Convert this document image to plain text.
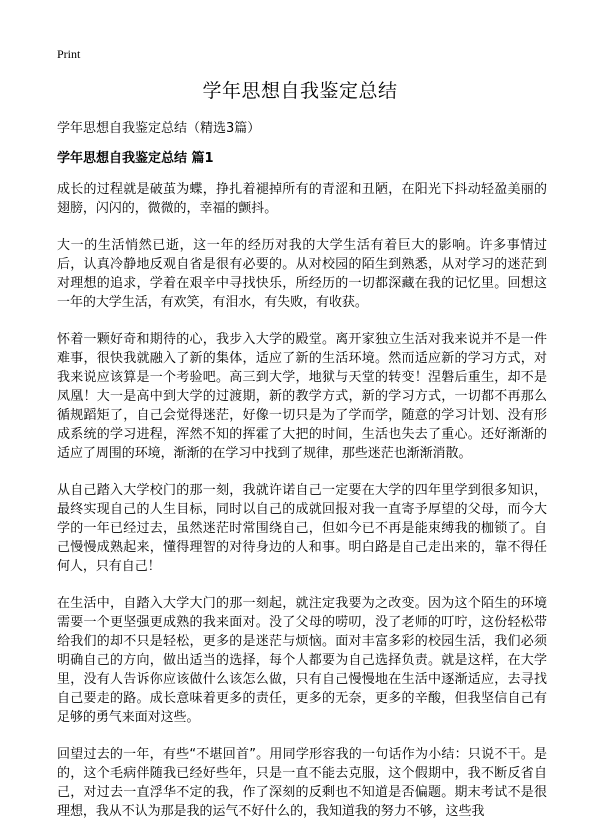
Print
学年思想自我鉴定总结

学年思想自我鉴定总结（精选3篇）

学年思想自我鉴定总结 篇1

成长的过程就是破茧为蝶，挣扎着褪掉所有的青涩和丑陋，在阳光下抖动轻盈美丽的翅膀，闪闪的，微微的，幸福的颤抖。

大一的生活悄然已逝，这一年的经历对我的大学生活有着巨大的影响。许多事情过后，认真冷静地反观自省是很有必要的。从对校园的陌生到熟悉，从对学习的迷茫到对理想的追求，学着在艰辛中寻找快乐，所经历的一切都深藏在我的记忆里。回想这一年的大学生活，有欢笑，有泪水，有失败，有收获。

怀着一颗好奇和期待的心，我步入大学的殿堂。离开家独立生活对我来说并不是一件难事，很快我就融入了新的集体，适应了新的生活环境。然而适应新的学习方式，对我来说应该算是一个考验吧。高三到大学，地狱与天堂的转变！涅磐后重生，却不是凤凰！大一是高中到大学的过渡期，新的教学方式，新的学习方式，一切都不再那么循规蹈矩了，自己会觉得迷茫，好像一切只是为了学而学，随意的学习计划、没有形成系统的学习进程，浑然不知的挥霍了大把的时间，生活也失去了重心。还好渐渐的适应了周围的环境，渐渐的在学习中找到了规律，那些迷茫也渐渐消散。

从自己踏入大学校门的那一刻，我就许诺自己一定要在大学的四年里学到很多知识，最终实现自己的人生目标，同时以自己的成就回报对我一直寄予厚望的父母，而今大学的一年已经过去，虽然迷茫时常围绕自己，但如今已不再是能束缚我的枷锁了。自己慢慢成熟起来，懂得理智的对待身边的人和事。明白路是自己走出来的，靠不得任何人，只有自己！

在生活中，自踏入大学大门的那一刻起，就注定我要为之改变。因为这个陌生的环境需要一个更坚强更成熟的我来面对。没了父母的唠叨，没了老师的叮咛，这份轻松带给我们的却不只是轻松，更多的是迷茫与烦恼。面对丰富多彩的校园生活，我们必须明确自己的方向，做出适当的选择，每个人都要为自己选择负责。就是这样，在大学里，没有人告诉你应该做什么该怎么做，只有自己慢慢地在生活中逐渐适应，去寻找自己要走的路。成长意味着更多的责任，更多的无奈，更多的辛酸，但我坚信自己有足够的勇气来面对这些。

回望过去的一年，有些“不堪回首”。用同学形容我的一句话作为小结：只说不干。是的，这个毛病伴随我已经好些年，只是一直不能去克服，这个假期中，我不断反省自己，对过去一直浮华不定的我，作了深刻的反剩也不知道是否偏题。期末考试不是很理想，我从不认为那是我的运气不好什么的，我知道我的努力不够，这些我
